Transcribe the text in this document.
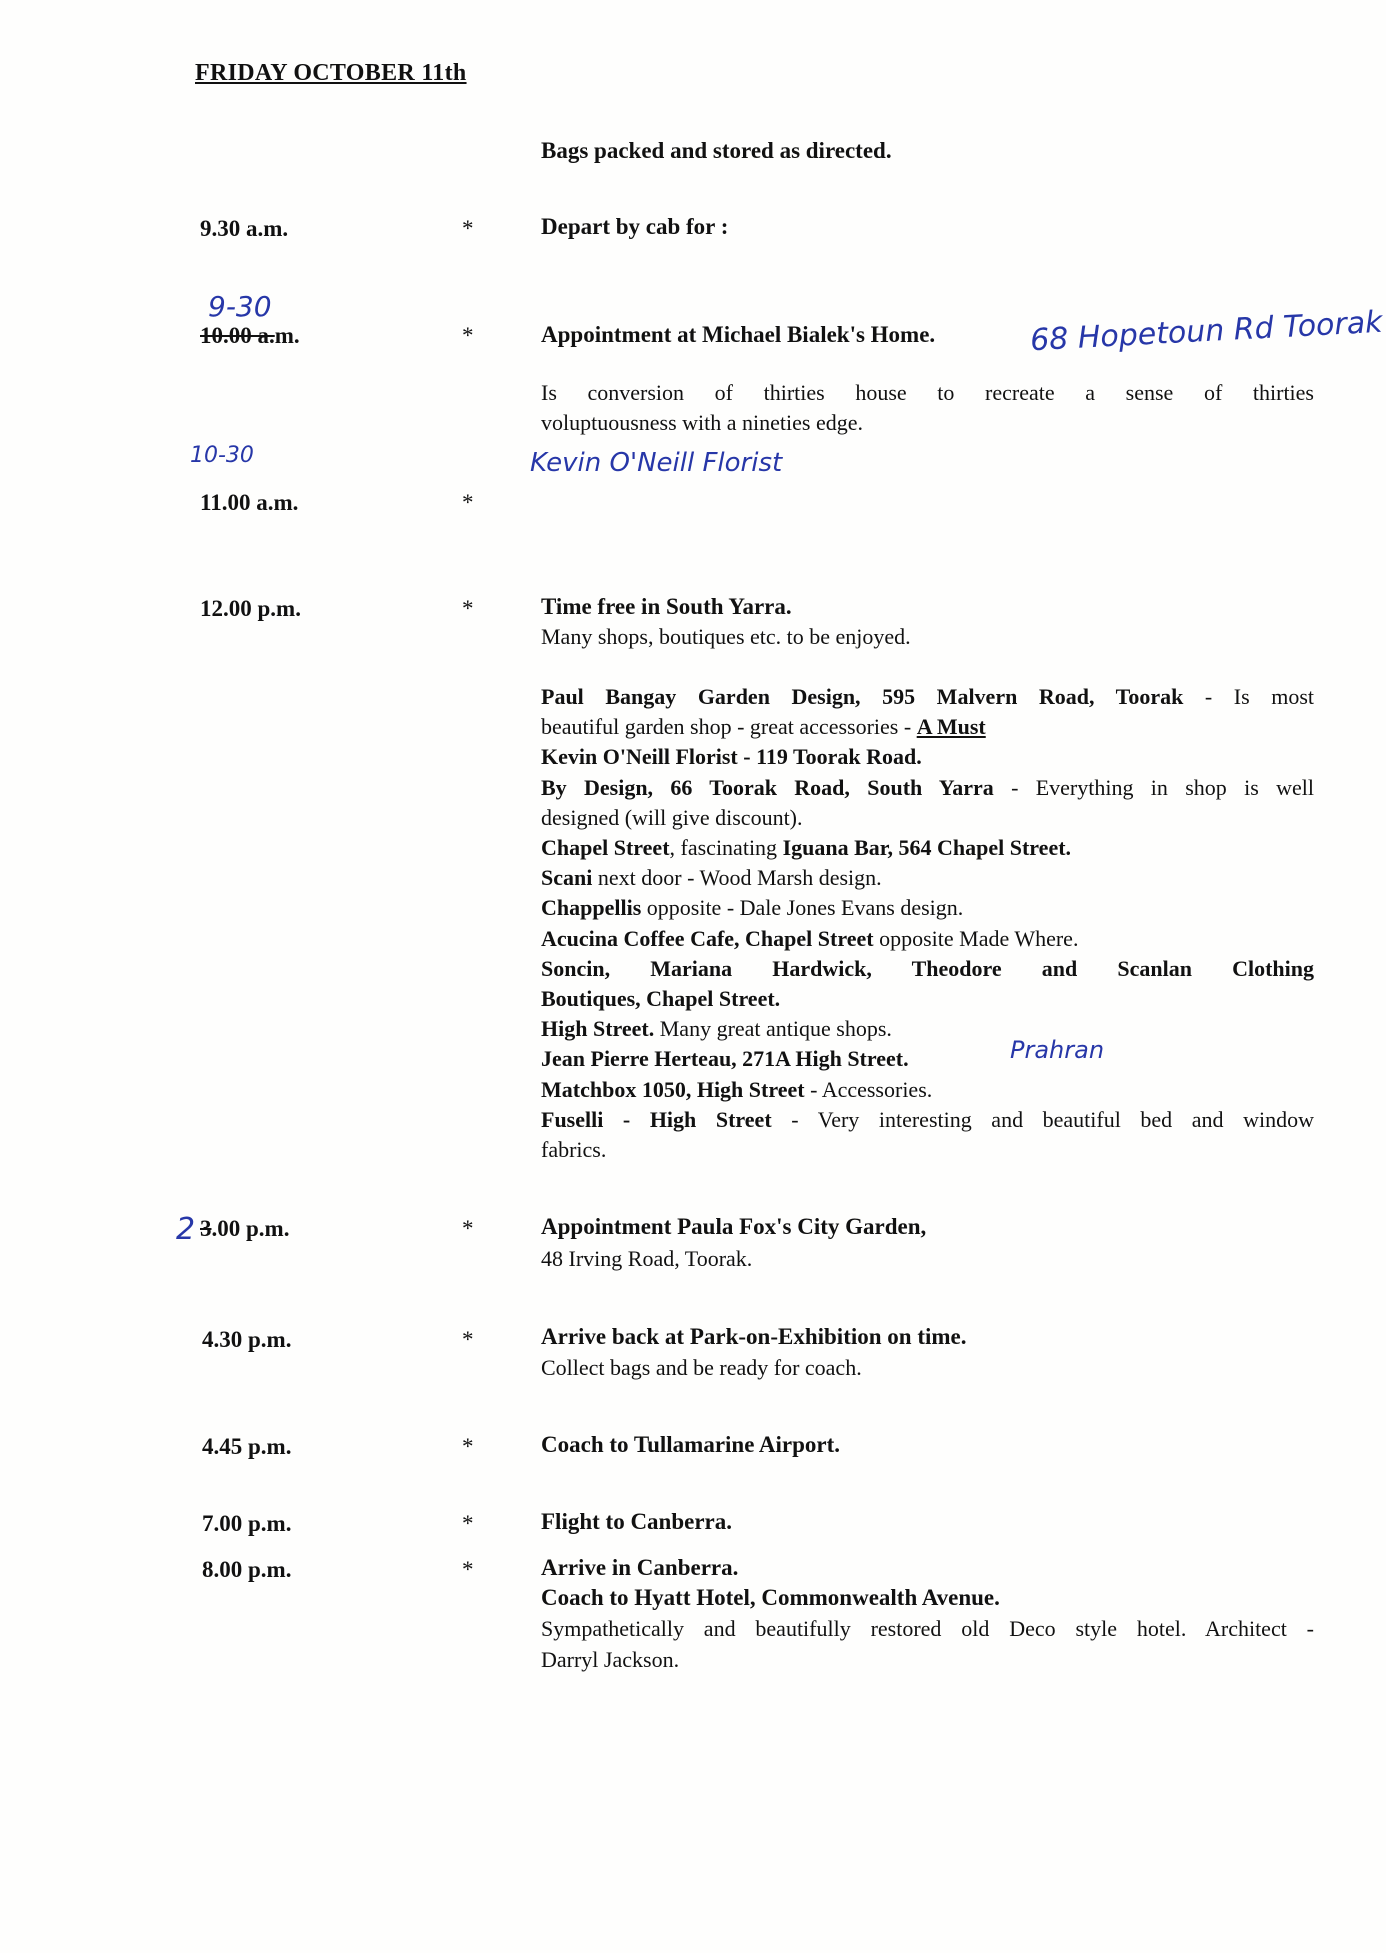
FRIDAY OCTOBER 11th
Bags packed and stored as directed.
9.30 a.m.	*	Depart by cab for :
9-30
10.00 a.m.	*	Appointment at Michael Bialek's Home.	68 Hopetoun Rd Toorak
Is conversion of thirties house to recreate a sense of thirties
voluptuousness with a nineties edge.
10-30	Kevin O'Neill Florist
11.00 a.m.	*
12.00 p.m.	*	Time free in South Yarra.
Many shops, boutiques etc. to be enjoyed.
Paul Bangay Garden Design, 595 Malvern Road, Toorak - Is most
beautiful garden shop - great accessories - A Must
Kevin O'Neill Florist - 119 Toorak Road.
By Design, 66 Toorak Road, South Yarra - Everything in shop is well
designed (will give discount).
Chapel Street, fascinating Iguana Bar, 564 Chapel Street.
Scani next door - Wood Marsh design.
Chappellis opposite - Dale Jones Evans design.
Acucina Coffee Cafe, Chapel Street opposite Made Where.
Soncin, Mariana Hardwick, Theodore and Scanlan Clothing
Boutiques, Chapel Street.
High Street. Many great antique shops.
Jean Pierre Herteau, 271A High Street.
Matchbox 1050, High Street - Accessories.
Fuselli - High Street - Very interesting and beautiful bed and window
fabrics.
Prahran
2 3.00 p.m.	*	Appointment Paula Fox's City Garden,
48 Irving Road, Toorak.
4.30 p.m.	*	Arrive back at Park-on-Exhibition on time.
Collect bags and be ready for coach.
4.45 p.m.	*	Coach to Tullamarine Airport.
7.00 p.m.	*	Flight to Canberra.
8.00 p.m.	*	Arrive in Canberra.
Coach to Hyatt Hotel, Commonwealth Avenue.
Sympathetically and beautifully restored old Deco style hotel. Architect -
Darryl Jackson.
